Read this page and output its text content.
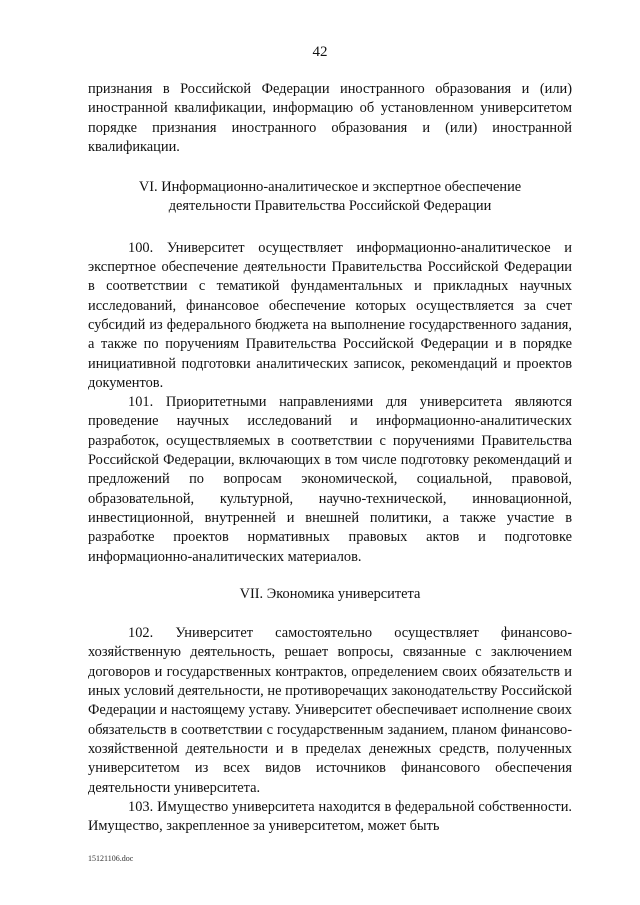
42

признания в Российской Федерации иностранного образования и (или) иностранной квалификации, информацию об установленном университетом порядке признания иностранного образования и (или) иностранной квалификации.

VI. Информационно-аналитическое и экспертное обеспечение
деятельности Правительства Российской Федерации

100. Университет осуществляет информационно-аналитическое и экспертное обеспечение деятельности Правительства Российской Федерации в соответствии с тематикой фундаментальных и прикладных научных исследований, финансовое обеспечение которых осуществляется за счет субсидий из федерального бюджета на выполнение государственного задания, а также по поручениям Правительства Российской Федерации и в порядке инициативной подготовки аналитических записок, рекомендаций и проектов документов.

101. Приоритетными направлениями для университета являются проведение научных исследований и информационно-аналитических разработок, осуществляемых в соответствии с поручениями Правительства Российской Федерации, включающих в том числе подготовку рекомендаций и предложений по вопросам экономической, социальной, правовой, образовательной, культурной, научно-технической, инновационной, инвестиционной, внутренней и внешней политики, а также участие в разработке проектов нормативных правовых актов и подготовке информационно-аналитических материалов.

VII. Экономика университета

102. Университет самостоятельно осуществляет финансово-хозяйственную деятельность, решает вопросы, связанные с заключением договоров и государственных контрактов, определением своих обязательств и иных условий деятельности, не противоречащих законодательству Российской Федерации и настоящему уставу. Университет обеспечивает исполнение своих обязательств в соответствии с государственным заданием, планом финансово-хозяйственной деятельности и в пределах денежных средств, полученных университетом из всех видов источников финансового обеспечения деятельности университета.

103. Имущество университета находится в федеральной собственности. Имущество, закрепленное за университетом, может быть

15121106.doc
